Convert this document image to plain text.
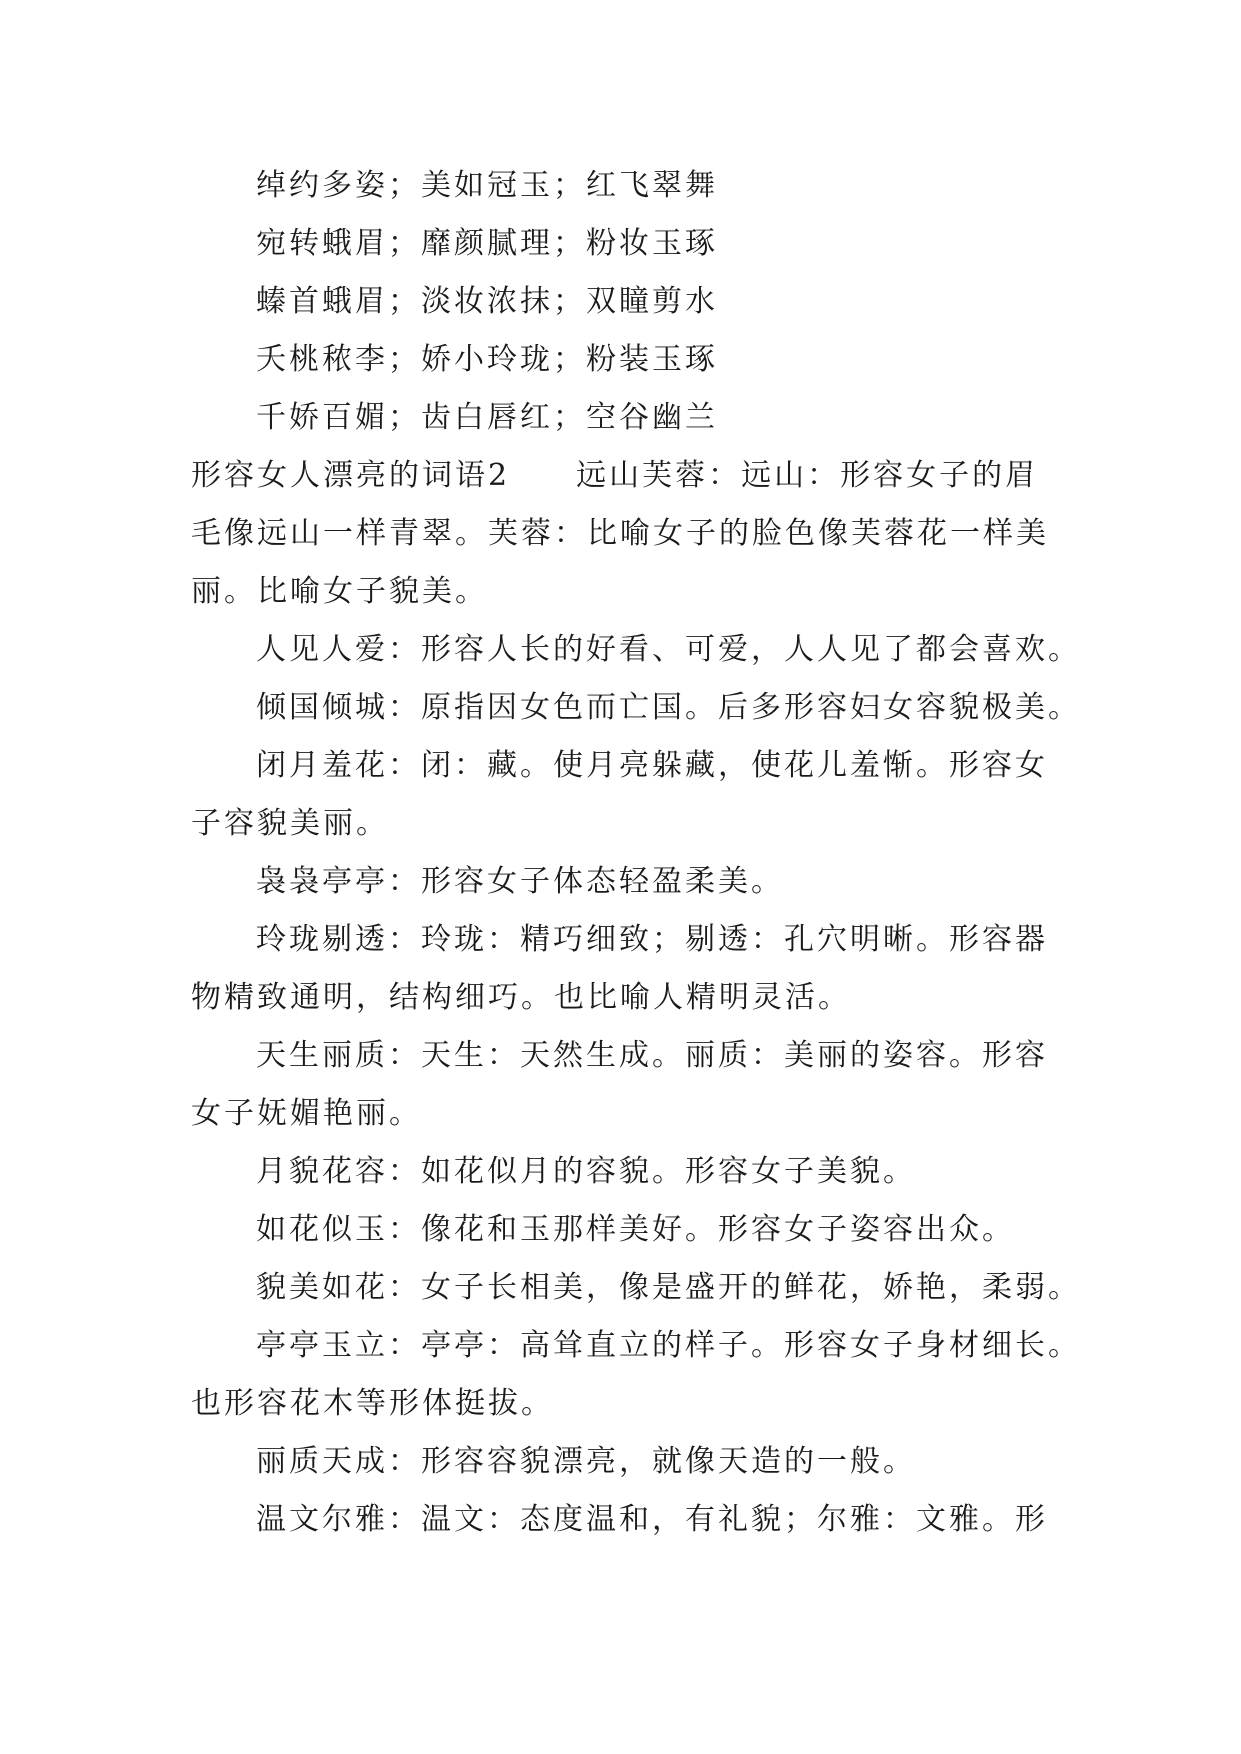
绰约多姿；美如冠玉；红飞翠舞
宛转蛾眉；靡颜腻理；粉妆玉琢
螓首蛾眉；淡妆浓抹；双瞳剪水
夭桃秾李；娇小玲珑；粉装玉琢
千娇百媚；齿白唇红；空谷幽兰
形容女人漂亮的词语2　　远山芙蓉：远山：形容女子的眉
毛像远山一样青翠。芙蓉：比喻女子的脸色像芙蓉花一样美
丽。比喻女子貌美。
人见人爱：形容人长的好看、可爱，人人见了都会喜欢。
倾国倾城：原指因女色而亡国。后多形容妇女容貌极美。
闭月羞花：闭：藏。使月亮躲藏，使花儿羞惭。形容女
子容貌美丽。
袅袅亭亭：形容女子体态轻盈柔美。
玲珑剔透：玲珑：精巧细致；剔透：孔穴明晰。形容器
物精致通明，结构细巧。也比喻人精明灵活。
天生丽质：天生：天然生成。丽质：美丽的姿容。形容
女子妩媚艳丽。
月貌花容：如花似月的容貌。形容女子美貌。
如花似玉：像花和玉那样美好。形容女子姿容出众。
貌美如花：女子长相美，像是盛开的鲜花，娇艳，柔弱。
亭亭玉立：亭亭：高耸直立的样子。形容女子身材细长。
也形容花木等形体挺拔。
丽质天成：形容容貌漂亮，就像天造的一般。
温文尔雅：温文：态度温和，有礼貌；尔雅：文雅。形
